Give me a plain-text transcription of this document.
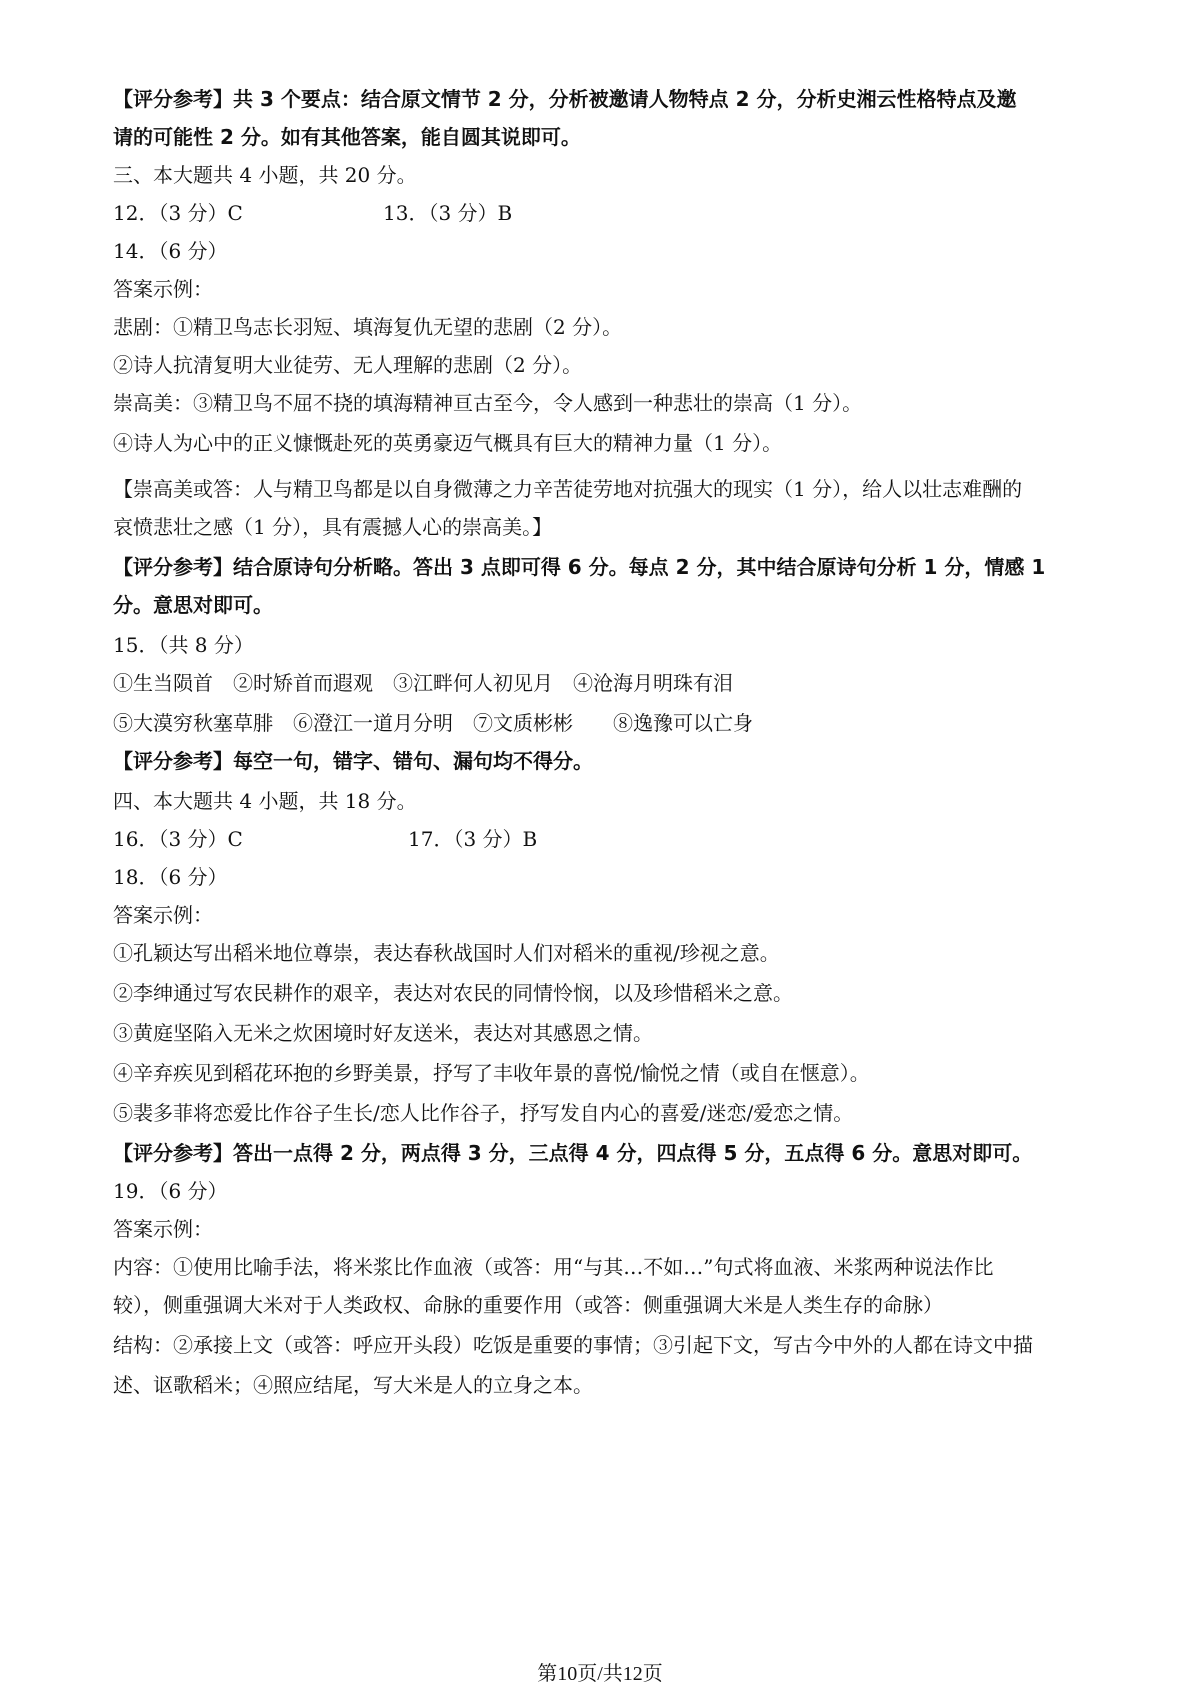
【评分参考】共 3 个要点：结合原文情节 2 分，分析被邀请人物特点 2 分，分析史湘云性格特点及邀
请的可能性 2 分。如有其他答案，能自圆其说即可。
三、本大题共 4 小题，共 20 分。
12．（3 分）C	13．（3 分）B
14．（6 分）
答案示例：
悲剧：①精卫鸟志长羽短、填海复仇无望的悲剧（2 分）。
②诗人抗清复明大业徒劳、无人理解的悲剧（2 分）。
崇高美：③精卫鸟不屈不挠的填海精神亘古至今，令人感到一种悲壮的崇高（1 分）。
④诗人为心中的正义慷慨赴死的英勇豪迈气概具有巨大的精神力量（1 分）。
【崇高美或答：人与精卫鸟都是以自身微薄之力辛苦徒劳地对抗强大的现实（1 分），给人以壮志难酬的
哀愤悲壮之感（1 分），具有震撼人心的崇高美。】
【评分参考】结合原诗句分析略。答出 3 点即可得 6 分。每点 2 分，其中结合原诗句分析 1 分，情感 1
分。意思对即可。
15．（共 8 分）
①生当陨首　②时矫首而遐观　③江畔何人初见月　④沧海月明珠有泪
⑤大漠穷秋塞草腓　⑥澄江一道月分明　⑦文质彬彬　　⑧逸豫可以亡身
【评分参考】每空一句，错字、错句、漏句均不得分。
四、本大题共 4 小题，共 18 分。
16．（3 分）C	17．（3 分）B
18．（6 分）
答案示例：
①孔颖达写出稻米地位尊崇，表达春秋战国时人们对稻米的重视/珍视之意。
②李绅通过写农民耕作的艰辛，表达对农民的同情怜悯，以及珍惜稻米之意。
③黄庭坚陷入无米之炊困境时好友送米，表达对其感恩之情。
④辛弃疾见到稻花环抱的乡野美景，抒写了丰收年景的喜悦/愉悦之情（或自在惬意）。
⑤裴多菲将恋爱比作谷子生长/恋人比作谷子，抒写发自内心的喜爱/迷恋/爱恋之情。
【评分参考】答出一点得 2 分，两点得 3 分，三点得 4 分，四点得 5 分，五点得 6 分。意思对即可。
19．（6 分）
答案示例：
内容：①使用比喻手法，将米浆比作血液（或答：用“与其…不如…”句式将血液、米浆两种说法作比
较），侧重强调大米对于人类政权、命脉的重要作用（或答：侧重强调大米是人类生存的命脉）
结构：②承接上文（或答：呼应开头段）吃饭是重要的事情；③引起下文，写古今中外的人都在诗文中描
述、讴歌稻米；④照应结尾，写大米是人的立身之本。
第10页/共12页
